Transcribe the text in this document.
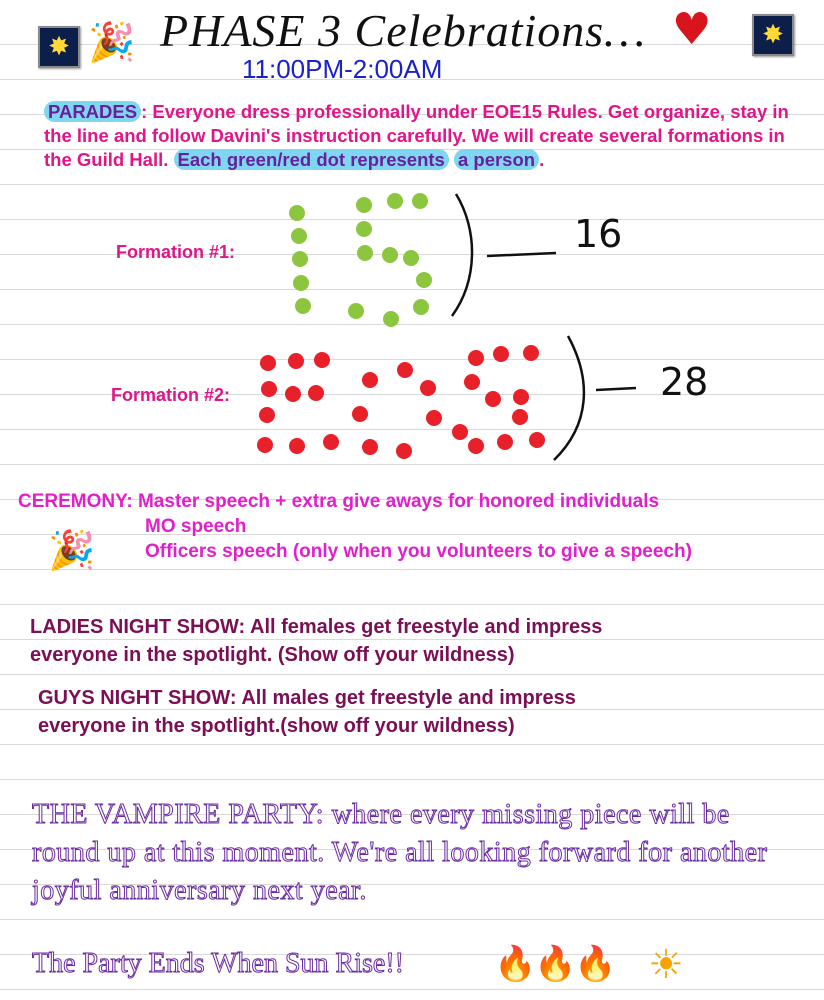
✸ 🎉 PHASE 3 Celebrations… ♥	✸
11:00PM-2:00AM
PARADES : Everyone dress professionally under EOE15 Rules. Get organize, stay in the line and follow Davini's instruction carefully. We will create several formations in the Guild Hall. Each green/red dot represents a person .
Formation #1:	16
Formation #2:	28
CEREMONY: Master speech + extra give aways for honored individuals
MO speech
🎉	Officers speech (only when you volunteers to give a speech)
LADIES NIGHT SHOW: All females get freestyle and impress
everyone in the spotlight. (Show off your wildness)
GUYS NIGHT SHOW: All males get freestyle and impress
everyone in the spotlight.(show off your wildness)
THE VAMPIRE PARTY: where every missing piece will be round up at this moment. We're all looking forward for another joyful anniversary next year.
The Party Ends When Sun Rise!!	🔥
🔥
🔥 ☀
